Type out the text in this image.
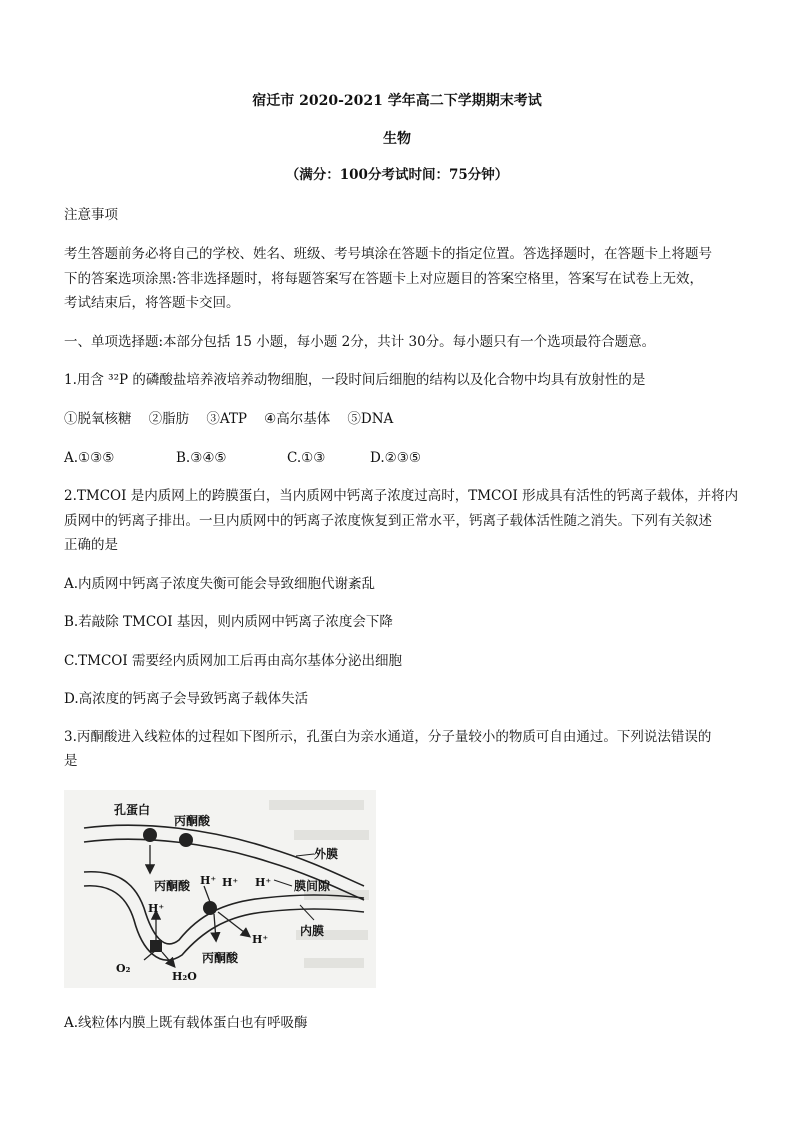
宿迁市 2020-2021 学年高二下学期期末考试
生物
（满分：100分考试时间：75分钟）
注意事项
考生答题前务必将自己的学校、姓名、班级、考号填涂在答题卡的指定位置。答选择题时，在答题卡上将题号
下的答案选项涂黑:答非选择题时，将每题答案写在答题卡上对应题目的答案空格里，答案写在试卷上无效，
考试结束后，将答题卡交回。
一、单项选择题:本部分包括 15 小题，每小题 2分，共计 30分。每小题只有一个选项最符合题意。
1.用含 ³²P 的磷酸盐培养液培养动物细胞，一段时间后细胞的结构以及化合物中均具有放射性的是
①脱氧核糖 ②脂肪 ③ATP ④高尔基体 ⑤DNA
A.①③⑤	B.③④⑤	C.①③	D.②③⑤
2.TMCOI 是内质网上的跨膜蛋白，当内质网中钙离子浓度过高时，TMCOI 形成具有活性的钙离子载体，并将内
质网中的钙离子排出。一旦内质网中的钙离子浓度恢复到正常水平，钙离子载体活性随之消失。下列有关叙述
正确的是
A.内质网中钙离子浓度失衡可能会导致细胞代谢紊乱
B.若敲除 TMCOI 基因，则内质网中钙离子浓度会下降
C.TMCOI 需要经内质网加工后再由高尔基体分泌出细胞
D.高浓度的钙离子会导致钙离子载体失活
3.丙酮酸进入线粒体的过程如下图所示，孔蛋白为亲水通道，分子量较小的物质可自由通过。下列说法错误的
是
孔蛋白
丙酮酸
外膜
丙酮酸 H⁺ H⁺ H⁺ 膜间隙
H⁺
内膜
H⁺
O₂
H₂O
丙酮酸
A.线粒体内膜上既有载体蛋白也有呼吸酶
